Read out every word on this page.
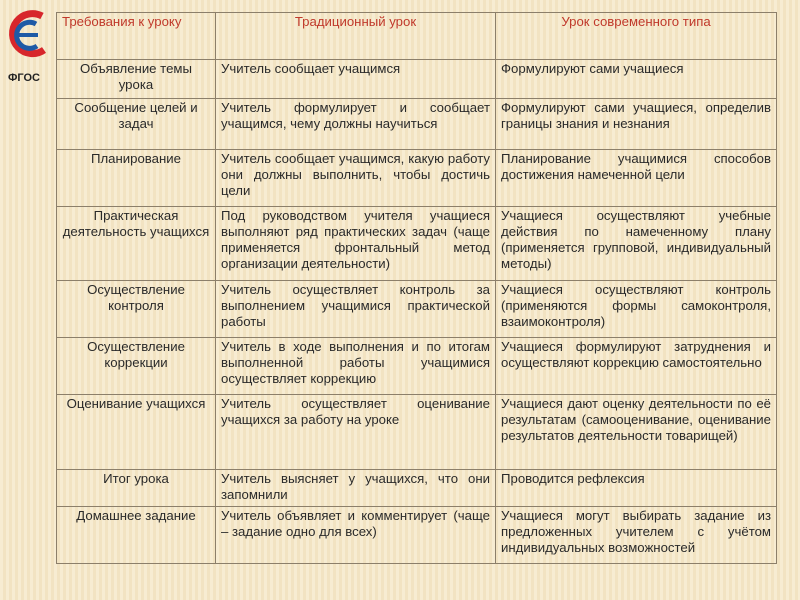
ФГОС
Требования к уроку	Традиционный урок	Урок современного типа
Объявление темы урока	Учитель сообщает учащимся	Формулируют сами учащиеся
Сообщение целей и задач	Учитель формулирует и сообщает учащимся, чему должны научиться	Формулируют сами учащиеся, определив границы знания и незнания
Планирование	Учитель сообщает учащимся, какую работу они должны выполнить, чтобы достичь цели	Планирование учащимися способов достижения намеченной цели
Практическая деятельность учащихся	Под руководством учителя учащиеся выполняют ряд практических задач (чаще применяется фронтальный метод организации деятельности)	Учащиеся осуществляют учебные действия по намеченному плану (применяется групповой, индивидуальный методы)
Осуществление контроля	Учитель осуществляет контроль за выполнением учащимися практической работы	Учащиеся осуществляют контроль (применяются формы самоконтроля, взаимоконтроля)
Осуществление коррекции	Учитель в ходе выполнения и по итогам выполненной работы учащимися осуществляет коррекцию	Учащиеся формулируют затруднения и осуществляют коррекцию самостоятельно
Оценивание учащихся	Учитель осуществляет оценивание учащихся за работу на уроке	Учащиеся дают оценку деятельности по её результатам (самооценивание, оценивание результатов деятельности товарищей)
Итог урока	Учитель выясняет у учащихся, что они запомнили	Проводится рефлексия
Домашнее задание	Учитель объявляет и комментирует (чаще – задание одно для всех)	Учащиеся могут выбирать задание из предложенных учителем с учётом индивидуальных возможностей
